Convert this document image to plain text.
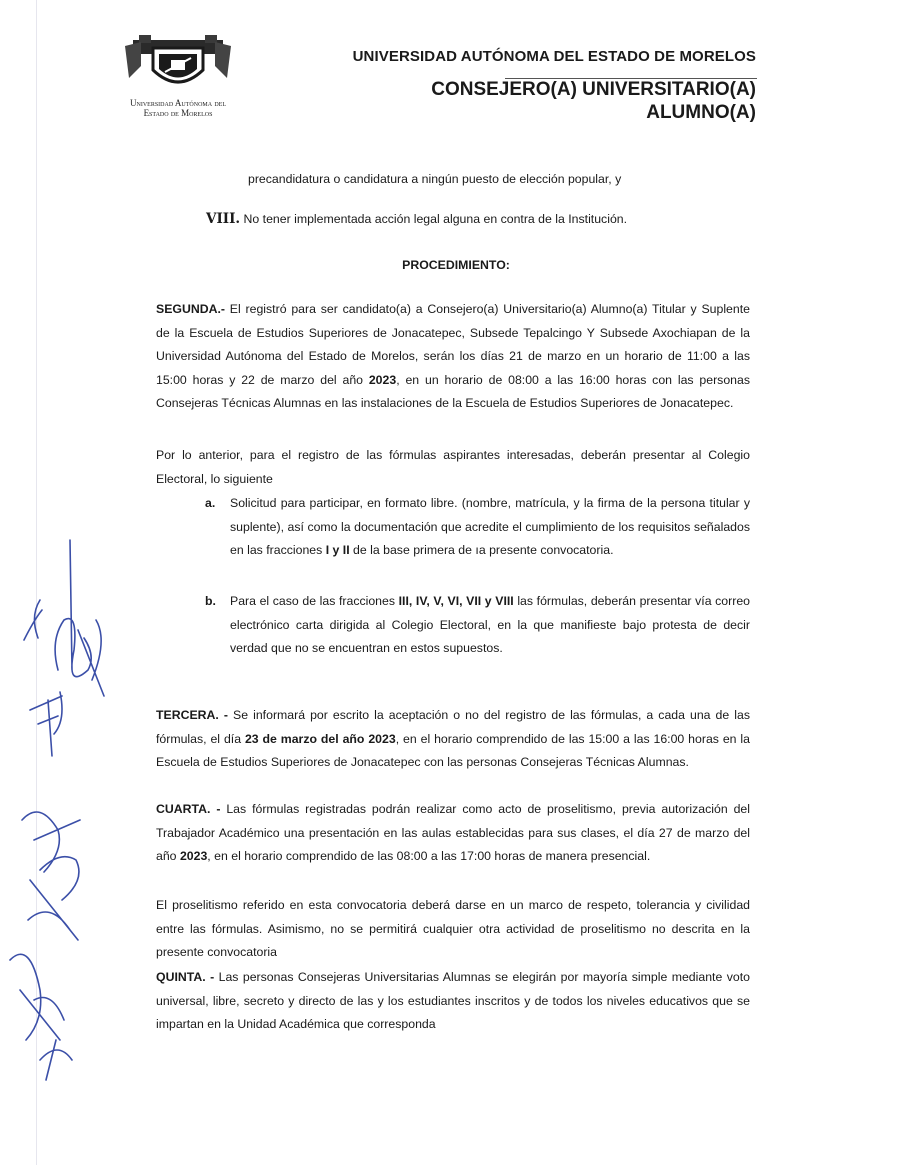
Universidad Autónoma del
Estado de Morelos
UNIVERSIDAD AUTÓNOMA DEL ESTADO DE MORELOS
CONSEJERO(A) UNIVERSITARIO(A)
ALUMNO(A)
precandidatura o candidatura a ningún puesto de elección popular, y
VIII. No tener implementada acción legal alguna en contra de la Institución.
PROCEDIMIENTO:
SEGUNDA.- El registró para ser candidato(a) a Consejero(a) Universitario(a) Alumno(a) Titular y Suplente de la Escuela de Estudios Superiores de Jonacatepec, Subsede Tepalcingo Y Subsede Axochiapan de la Universidad Autónoma del Estado de Morelos, serán los días 21 de marzo en un horario de 11:00 a las 15:00 horas y 22 de marzo del año 2023, en un horario de 08:00 a las 16:00 horas con las personas Consejeras Técnicas Alumnas en las instalaciones de la Escuela de Estudios Superiores de Jonacatepec.
Por lo anterior, para el registro de las fórmulas aspirantes interesadas, deberán presentar al Colegio Electoral, lo siguiente
a. Solicitud para participar, en formato libre. (nombre, matrícula, y la firma de la persona titular y suplente), así como la documentación que acredite el cumplimiento de los requisitos señalados en las fracciones I y II de la base primera de ıa presente convocatoria.
b. Para el caso de las fracciones III, IV, V, VI, VII y VIII las fórmulas, deberán presentar vía correo electrónico carta dirigida al Colegio Electoral, en la que manifieste bajo protesta de decir verdad que no se encuentran en estos supuestos.
TERCERA. - Se informará por escrito la aceptación o no del registro de las fórmulas, a cada una de las fórmulas, el día 23 de marzo del año 2023, en el horario comprendido de las 15:00 a las 16:00 horas en la Escuela de Estudios Superiores de Jonacatepec con las personas Consejeras Técnicas Alumnas.
CUARTA. - Las fórmulas registradas podrán realizar como acto de proselitismo, previa autorización del Trabajador Académico una presentación en las aulas establecidas para sus clases, el día 27 de marzo del año 2023, en el horario comprendido de las 08:00 a las 17:00 horas de manera presencial.
El proselitismo referido en esta convocatoria deberá darse en un marco de respeto, tolerancia y civilidad entre las fórmulas. Asimismo, no se permitirá cualquier otra actividad de proselitismo no descrita en la presente convocatoria
QUINTA. - Las personas Consejeras Universitarias Alumnas se elegirán por mayoría simple mediante voto universal, libre, secreto y directo de las y los estudiantes inscritos y de todos los niveles educativos que se impartan en la Unidad Académica que corresponda
